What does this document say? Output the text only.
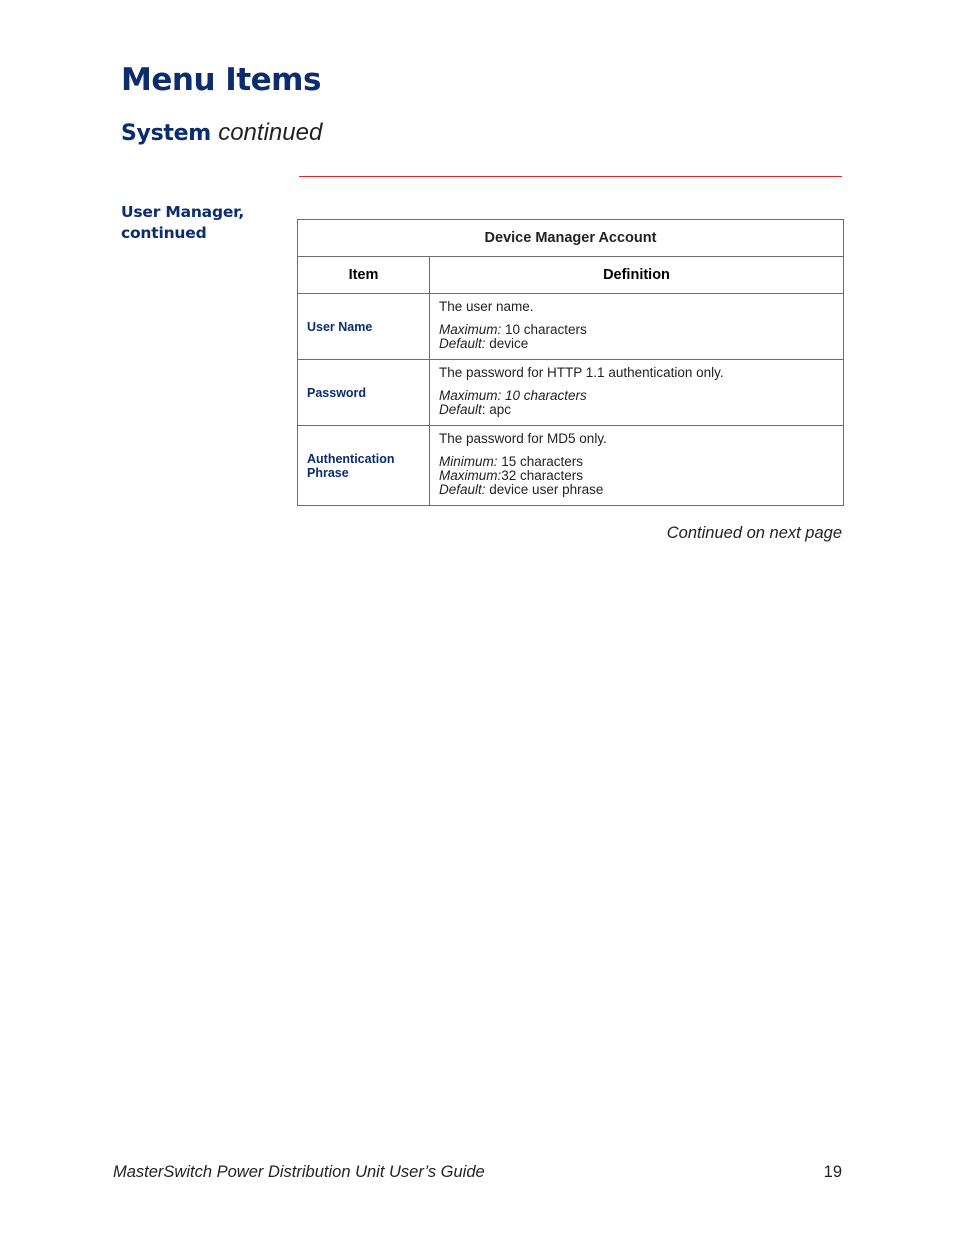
Menu Items
System continued
User Manager,
continued	Device Manager Account	
Item	Definition
User Name	The user name.
Maximum: 10 characters
Default: device

Password	The password for HTTP 1.1 authentication only.
Maximum: 10 characters
Default: apc

Authentication
Phrase	The password for MD5 only.
Minimum: 15 characters
Maximum:32 characters
Default: device user phrase
Continued on next page
MasterSwitch Power Distribution Unit User’s Guide	19
